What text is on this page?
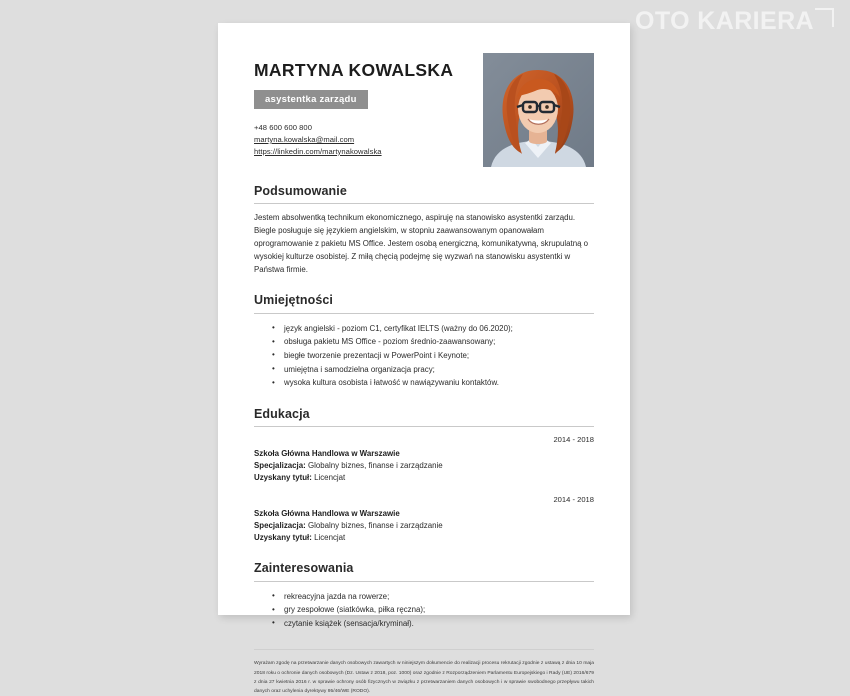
OTO KARIERA
MARTYNA KOWALSKA
asystentka zarządu
+48 600 600 800
martyna.kowalska@mail.com
https://linkedin.com/martynakowalska
Podsumowanie

Jestem absolwentką technikum ekonomicznego, aspiruję na stanowisko asystentki zarządu. Biegle posługuje się językiem angielskim, w stopniu zaawansowanym opanowałam oprogramowanie z pakietu MS Office. Jestem osobą energiczną, komunikatywną, skrupulatną o wysokiej kulturze osobistej. Z miłą chęcią podejmę się wyzwań na stanowisku asystentki w Państwa firmie.

Umiejętności
• język angielski - poziom C1, certyfikat IELTS (ważny do 06.2020);
• obsługa pakietu MS Office - poziom średnio-zaawansowany;
• biegłe tworzenie prezentacji w PowerPoint i Keynote;
• umiejętna i samodzielna organizacja pracy;
• wysoka kultura osobista i łatwość w nawiązywaniu kontaktów.
Edukacja
2014 - 2018
Szkoła Główna Handlowa w Warszawie
Specjalizacja: Globalny biznes, finanse i zarządzanie
Uzyskany tytuł: Licencjat
2014 - 2018
Szkoła Główna Handlowa w Warszawie
Specjalizacja: Globalny biznes, finanse i zarządzanie
Uzyskany tytuł: Licencjat
Zainteresowania
• rekreacyjna jazda na rowerze;
• gry zespołowe (siatkówka, piłka ręczna);
• czytanie książek (sensacja/kryminał).

Wyrażam zgodę na przetwarzanie danych osobowych zawartych w niniejszym dokumencie do realizacji procesu rekrutacji zgodnie z ustawą z dnia 10 maja 2018 roku o ochronie danych osobowych (Dz. Ustaw z 2018, poz. 1000) oraz zgodnie z Rozporządzeniem Parlamentu Europejskiego i Rady (UE) 2016/679 z dnia 27 kwietnia 2016 r. w sprawie ochrony osób fizycznych w związku z przetwarzaniem danych osobowych i w sprawie swobodnego przepływu takich danych oraz uchylenia dyrektywy 95/46/WE (RODO).
